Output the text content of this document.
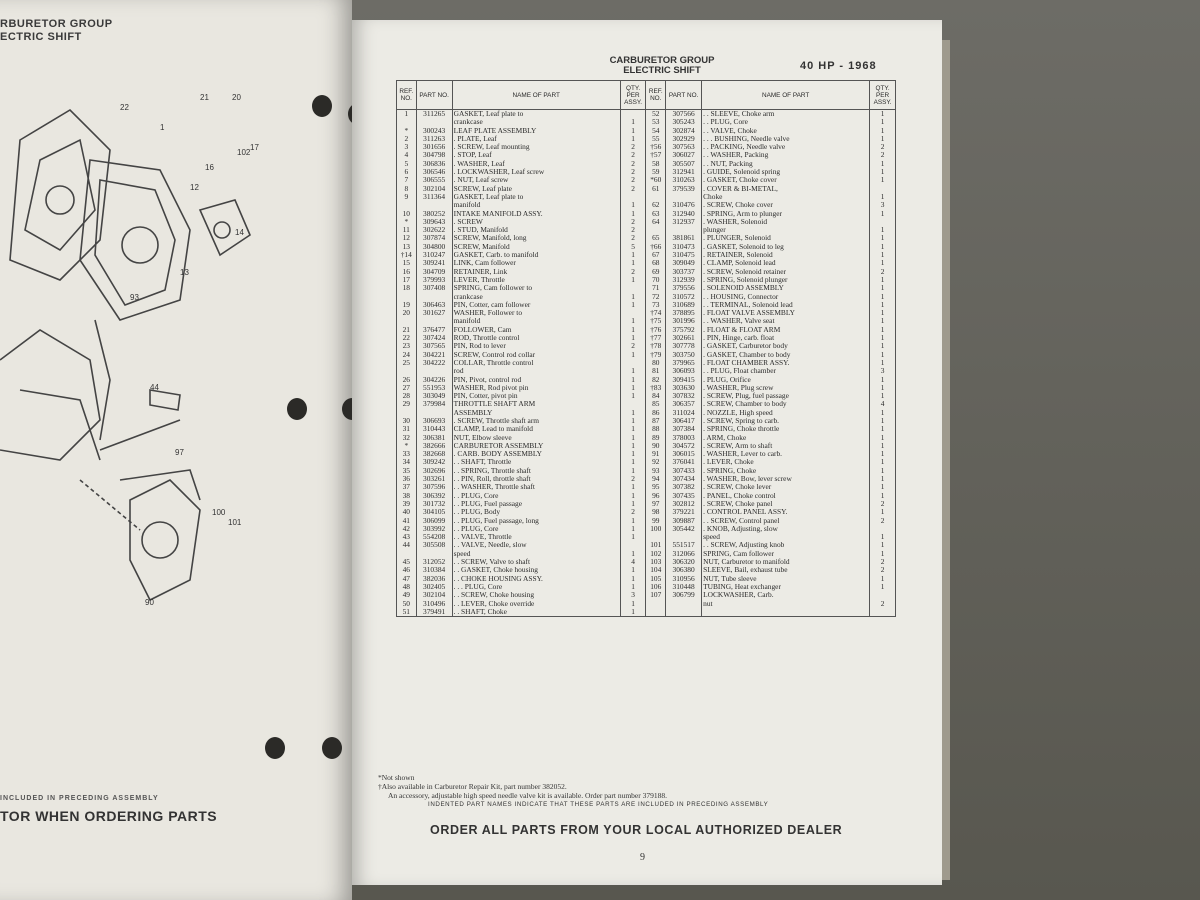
RBURETOR GROUP
ECTRIC SHIFT
22
21	20
17
102
1
16
12
14
13
93
44
97
100
101
90
INCLUDED IN PRECEDING ASSEMBLY
TOR WHEN ORDERING PARTS
CARBURETOR GROUP
ELECTRIC SHIFT	40 HP - 1968
REF. NO.	PART NO.	NAME OF PART	QTY. PER ASSY.	REF. NO.	PART NO.	NAME OF PART	QTY. PER ASSY.
1	311265	GASKET, Leaf plate to		52	307566	. . SLEEVE, Choke arm	1
		crankcase	1	53	305243	. . PLUG, Core	1
*	300243	LEAF PLATE ASSEMBLY	1	54	302874	. . VALVE, Choke	1
2	311263	. PLATE, Leaf	1	55	302929	. . . BUSHING, Needle valve	1
3	301656	. SCREW, Leaf mounting	2	†56	307563	. . PACKING, Needle valve	2
4	304798	. STOP, Leaf	2	†57	306027	. . WASHER, Packing	2
5	306836	. WASHER, Leaf	2	58	305507	. . NUT, Packing	1
6	306546	. LOCKWASHER, Leaf screw	2	59	312941	. GUIDE, Solenoid spring	1
7	306555	. NUT, Leaf screw	2	*60	310263	. GASKET, Choke cover	1
8	302104	SCREW, Leaf plate	2	61	379539	. COVER & BI-METAL,	
9	311364	GASKET, Leaf plate to				Choke	1
		manifold	1	62	310476	. SCREW, Choke cover	3
10	380252	INTAKE MANIFOLD ASSY.	1	63	312940	. SPRING, Arm to plunger	1
*	309643	. SCREW	2	64	312937	. WASHER, Solenoid	
11	302622	. STUD, Manifold	2			plunger	1
12	307874	SCREW, Manifold, long	2	65	381861	. PLUNGER, Solenoid	1
13	304800	SCREW, Manifold	5	†66	310473	. GASKET, Solenoid to leg	1
†14	310247	GASKET, Carb. to manifold	1	67	310475	. RETAINER, Solenoid	1
15	309241	LINK, Cam follower	1	68	309049	. CLAMP, Solenoid lead	1
16	304709	RETAINER, Link	2	69	303737	. SCREW, Solenoid retainer	2
17	379993	LEVER, Throttle	1	70	312939	. SPRING, Solenoid plunger	1
18	307408	SPRING, Cam follower to		71	379556	. SOLENOID ASSEMBLY	1
		crankcase	1	72	310572	. . HOUSING, Connector	1
19	306463	PIN, Cotter, cam follower	1	73	310689	. . TERMINAL, Solenoid lead	1
20	301627	WASHER, Follower to		†74	378895	. FLOAT VALVE ASSEMBLY	1
		manifold	1	†75	301996	. . WASHER, Valve seat	1
21	376477	FOLLOWER, Cam	1	†76	375792	. FLOAT & FLOAT ARM	1
22	307424	ROD, Throttle control	1	†77	302661	. PIN, Hinge, carb. float	1
23	307565	PIN, Rod to lever	2	†78	307778	. GASKET, Carburetor body	1
24	304221	SCREW, Control rod collar	1	†79	303750	. GASKET, Chamber to body	1
25	304222	COLLAR, Throttle control		80	379965	. FLOAT CHAMBER ASSY.	1
		rod	1	81	306093	. . PLUG, Float chamber	3
26	304226	PIN, Pivot, control rod	1	82	309415	. PLUG, Orifice	1
27	551953	WASHER, Rod pivot pin	1	†83	303630	. WASHER, Plug screw	1
28	303049	PIN, Cotter, pivot pin	1	84	307832	. SCREW, Plug, fuel passage	1
29	379984	THROTTLE SHAFT ARM		85	306357	. SCREW, Chamber to body	4
		ASSEMBLY	1	86	311024	. NOZZLE, High speed	1
30	306693	. SCREW, Throttle shaft arm	1	87	306417	. SCREW, Spring to carb.	1
31	310443	CLAMP, Lead to manifold	1	88	307384	. SPRING, Choke throttle	1
32	306381	NUT, Elbow sleeve	1	89	378003	. ARM, Choke	1
*	382666	CARBURETOR ASSEMBLY	1	90	304572	. SCREW, Arm to shaft	1
33	382668	. CARB. BODY ASSEMBLY	1	91	306015	. WASHER, Lever to carb.	1
34	309242	. . SHAFT, Throttle	1	92	376041	. LEVER, Choke	1
35	302696	. . SPRING, Throttle shaft	1	93	307433	. SPRING, Choke	1
36	303261	. . PIN, Roll, throttle shaft	2	94	307434	. WASHER, Bow, lever screw	1
37	307596	. . WASHER, Throttle shaft	1	95	307382	. SCREW, Choke lever	1
38	306392	. . PLUG, Core	1	96	307435	. PANEL, Choke control	1
39	301732	. . PLUG, Fuel passage	1	97	302812	. SCREW, Choke panel	2
40	304105	. . PLUG, Body	2	98	379221	. CONTROL PANEL ASSY.	1
41	306099	. . PLUG, Fuel passage, long	1	99	309887	. . SCREW, Control panel	2
42	303992	. . PLUG, Core	1	100	305442	. KNOB, Adjusting, slow	
43	554208	. . VALVE, Throttle	1			speed	1
44	305508	. . VALVE, Needle, slow		101	551517	. . SCREW, Adjusting knob	1
		speed	1	102	312066	SPRING, Cam follower	1
45	312052	. . SCREW, Valve to shaft	4	103	306320	NUT, Carburetor to manifold	2
46	310384	. . GASKET, Choke housing	1	104	306380	SLEEVE, Bail, exhaust tube	2
47	382036	. . CHOKE HOUSING ASSY.	1	105	310956	NUT, Tube sleeve	1
48	302405	. . . PLUG, Core	1	106	310448	TUBING, Heat exchanger	1
49	302104	. . SCREW, Choke housing	3	107	306799	LOCKWASHER, Carb.	
50	310496	. . LEVER, Choke override	1			nut	2
51	379491	. . SHAFT, Choke	1				

*Not shown
†Also available in Carburetor Repair Kit, part number 382052.
An accessory, adjustable high speed needle valve kit is available. Order part number 379188.
INDENTED PART NAMES INDICATE THAT THESE PARTS ARE INCLUDED IN PRECEDING ASSEMBLY
ORDER ALL PARTS FROM YOUR LOCAL AUTHORIZED DEALER
9
